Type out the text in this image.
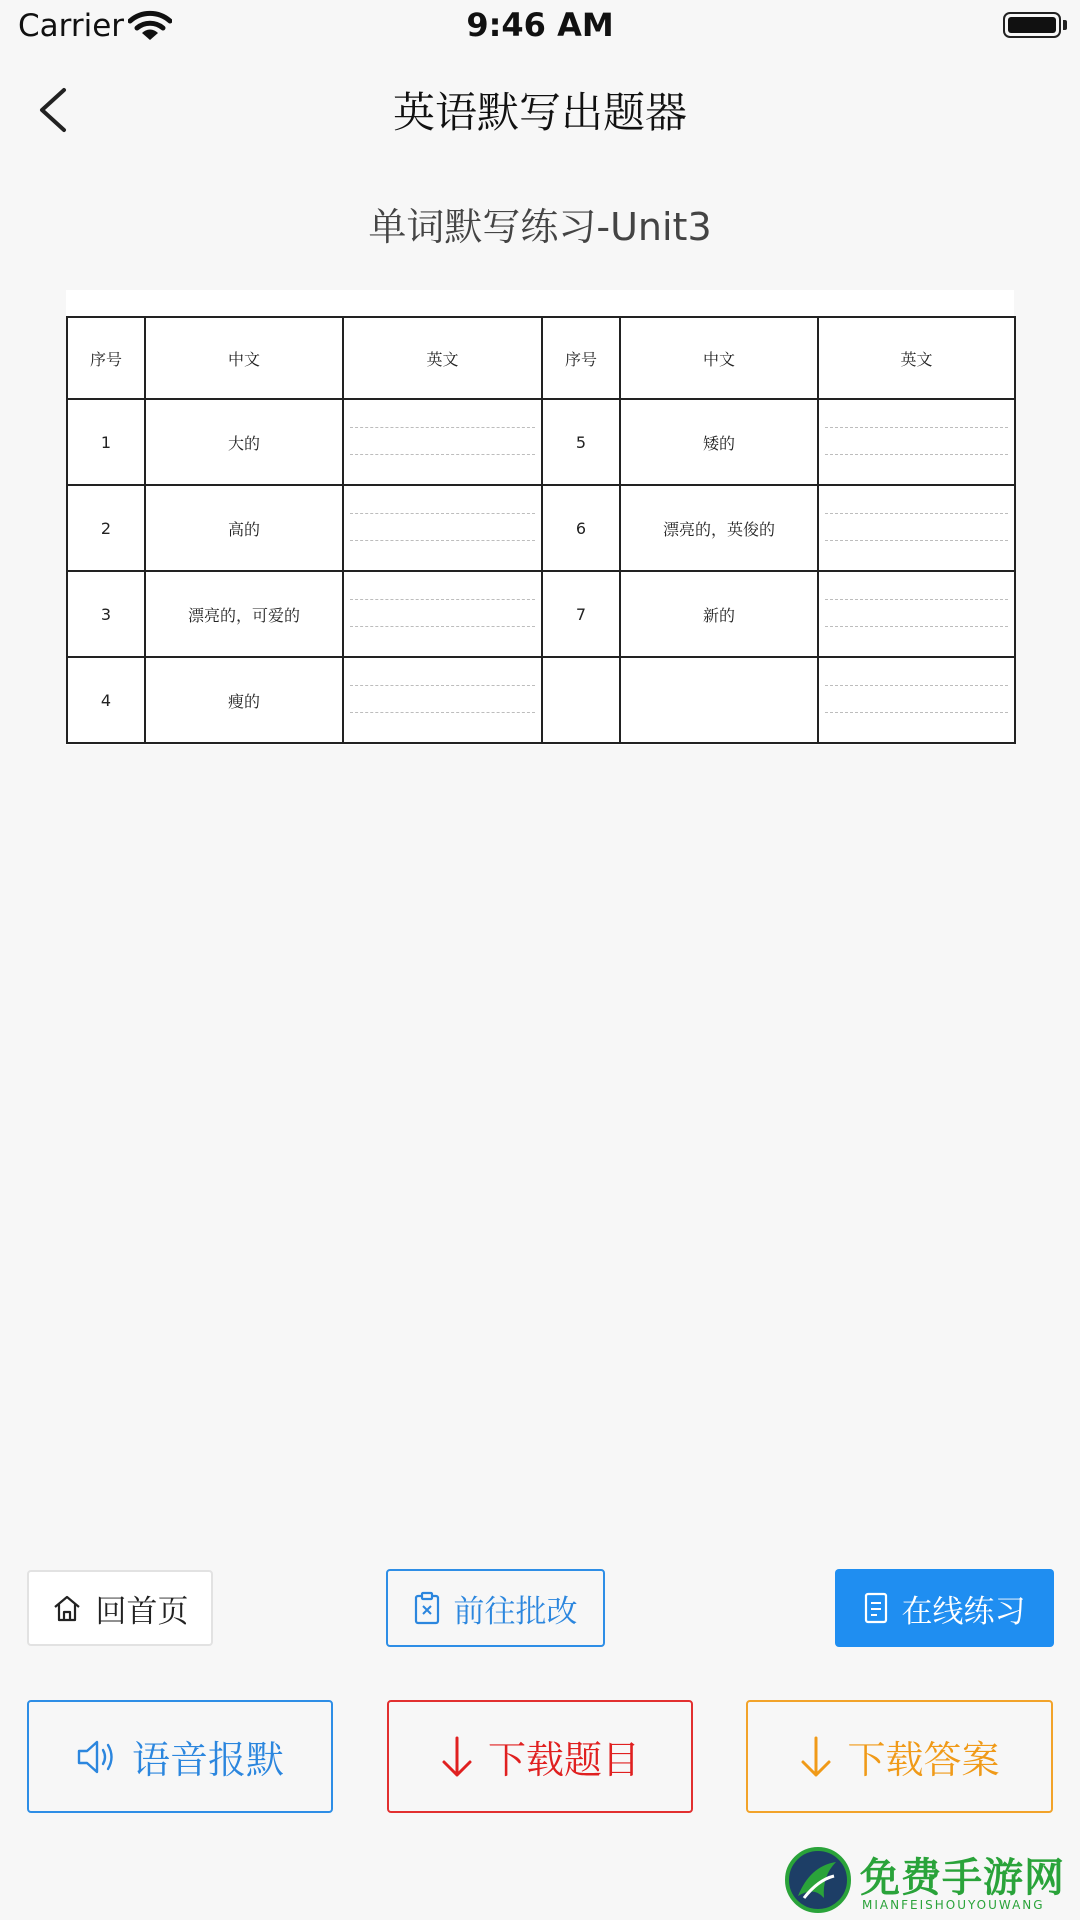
Carrier	9:46 AM
英语默写出题器
单词默写练习-Unit3
序号	中文	英文	序号	中文	英文
1	大的		5	矮的	

2	高的		6	漂亮的，英俊的	

3	漂亮的，可爱的		7	新的	

4	瘦的	

回首页	前往批改	在线练习
语音报默	下载题目	下载答案
免费手游网
MIANFEISHOUYOUWANG
